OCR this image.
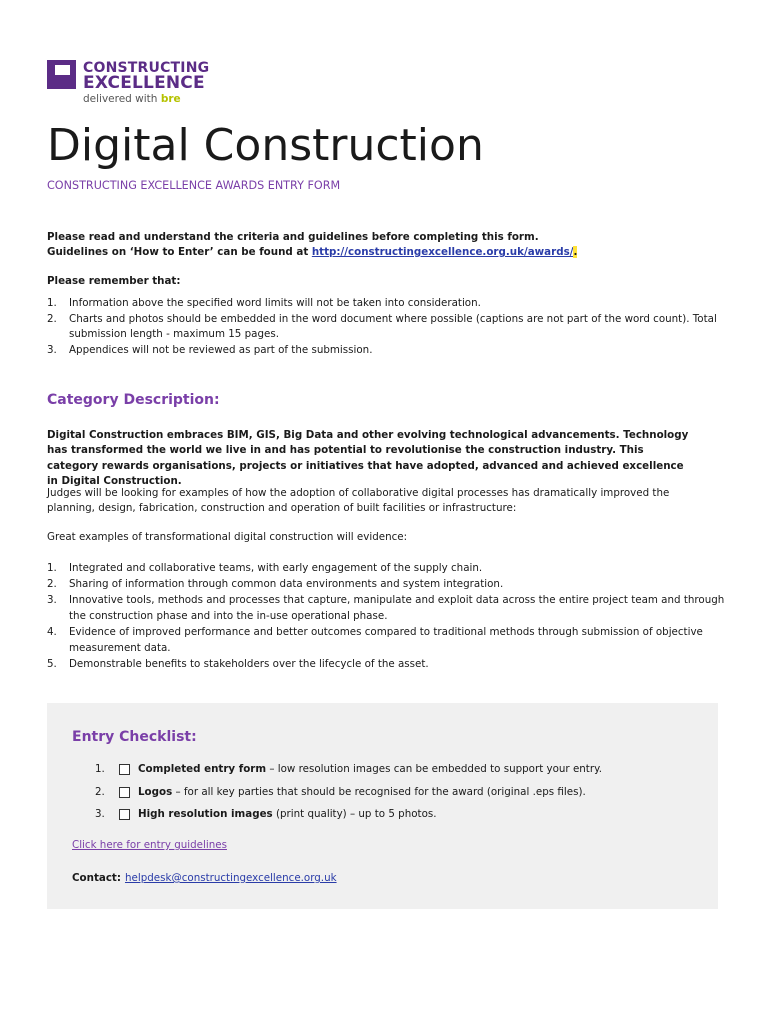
CONSTRUCTING
EXCELLENCE
delivered with bre
Digital Construction
CONSTRUCTING EXCELLENCE AWARDS ENTRY FORM
Please read and understand the criteria and guidelines before completing this form.
Guidelines on ‘How to Enter’ can be found at http://constructingexcellence.org.uk/awards/.
Please remember that:
1. Information above the specified word limits will not be taken into consideration.
2. Charts and photos should be embedded in the word document where possible (captions are not part of the word count). Total submission length - maximum 15 pages.
3. Appendices will not be reviewed as part of the submission.
Category Description:
Digital Construction embraces BIM, GIS, Big Data and other evolving technological advancements. Technology has transformed the world we live in and has potential to revolutionise the construction industry. This category rewards organisations, projects or initiatives that have adopted, advanced and achieved excellence in Digital Construction.
Judges will be looking for examples of how the adoption of collaborative digital processes has dramatically improved the planning, design, fabrication, construction and operation of built facilities or infrastructure:
Great examples of transformational digital construction will evidence:
1. Integrated and collaborative teams, with early engagement of the supply chain.
2. Sharing of information through common data environments and system integration.
3. Innovative tools, methods and processes that capture, manipulate and exploit data across the entire project team and through the construction phase and into the in-use operational phase.
4. Evidence of improved performance and better outcomes compared to traditional methods through submission of objective measurement data.
5. Demonstrable benefits to stakeholders over the lifecycle of the asset.
Entry Checklist:
1.	Completed entry form – low resolution images can be embedded to support your entry.
2.	Logos – for all key parties that should be recognised for the award (original .eps files).
3.	High resolution images (print quality) – up to 5 photos.
Click here for entry guidelines
Contact: helpdesk@constructingexcellence.org.uk
